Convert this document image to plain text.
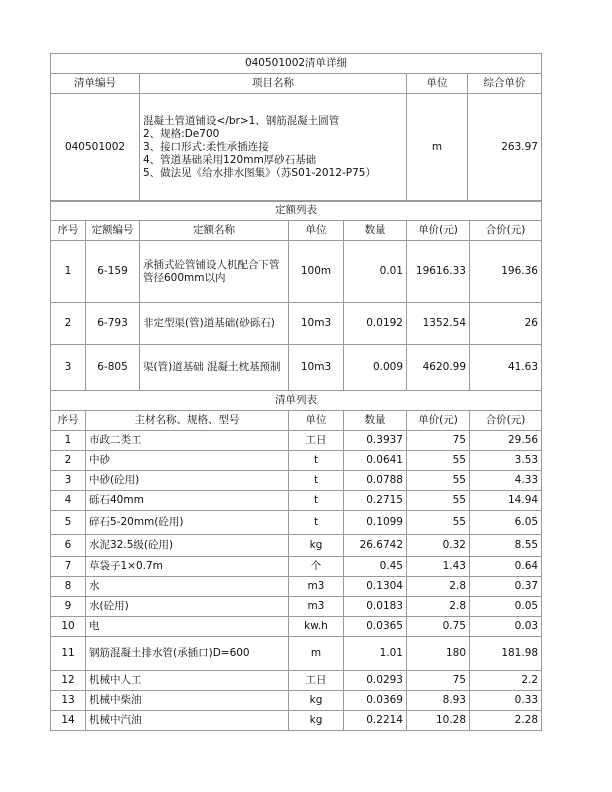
040501002清单详细			
清单编号	项目名称	单位	综合单价
040501002	混凝土管道铺设</br>1、钢筋混凝土圆管
2、规格:De700
3、接口形式:柔性承插连接
4、管道基础采用120mm厚砂石基础
5、做法见《给水排水图集》（苏S01-2012-P75）	m	263.97
定额列表						
序号	定额编号	定额名称	单位	数量	单价(元)	合价(元)
1	6-159	承插式砼管铺设人机配合下管管径600mm以内	100m	0.01	19616.33	196.36
2	6-793	非定型渠(管)道基础(砂砾石)	10m3	0.0192	1352.54	26
3	6-805	渠(管)道基础 混凝土枕基预制	10m3	0.009	4620.99	41.63
清单列表					
序号	主材名称、规格、型号	单位	数量	单价(元)	合价(元)
1	市政二类工	工日	0.3937	75	29.56
2	中砂	t	0.0641	55	3.53
3	中砂(砼用)	t	0.0788	55	4.33
4	砾石40mm	t	0.2715	55	14.94
5	碎石5-20mm(砼用)	t	0.1099	55	6.05
6	水泥32.5级(砼用)	kg	26.6742	0.32	8.55
7	草袋子1×0.7m	个	0.45	1.43	0.64
8	水	m3	0.1304	2.8	0.37
9	水(砼用)	m3	0.0183	2.8	0.05
10	电	kw.h	0.0365	0.75	0.03
11	钢筋混凝土排水管(承插口)D=600	m	1.01	180	181.98
12	机械中人工	工日	0.0293	75	2.2
13	机械中柴油	kg	0.0369	8.93	0.33
14	机械中汽油	kg	0.2214	10.28	2.28
